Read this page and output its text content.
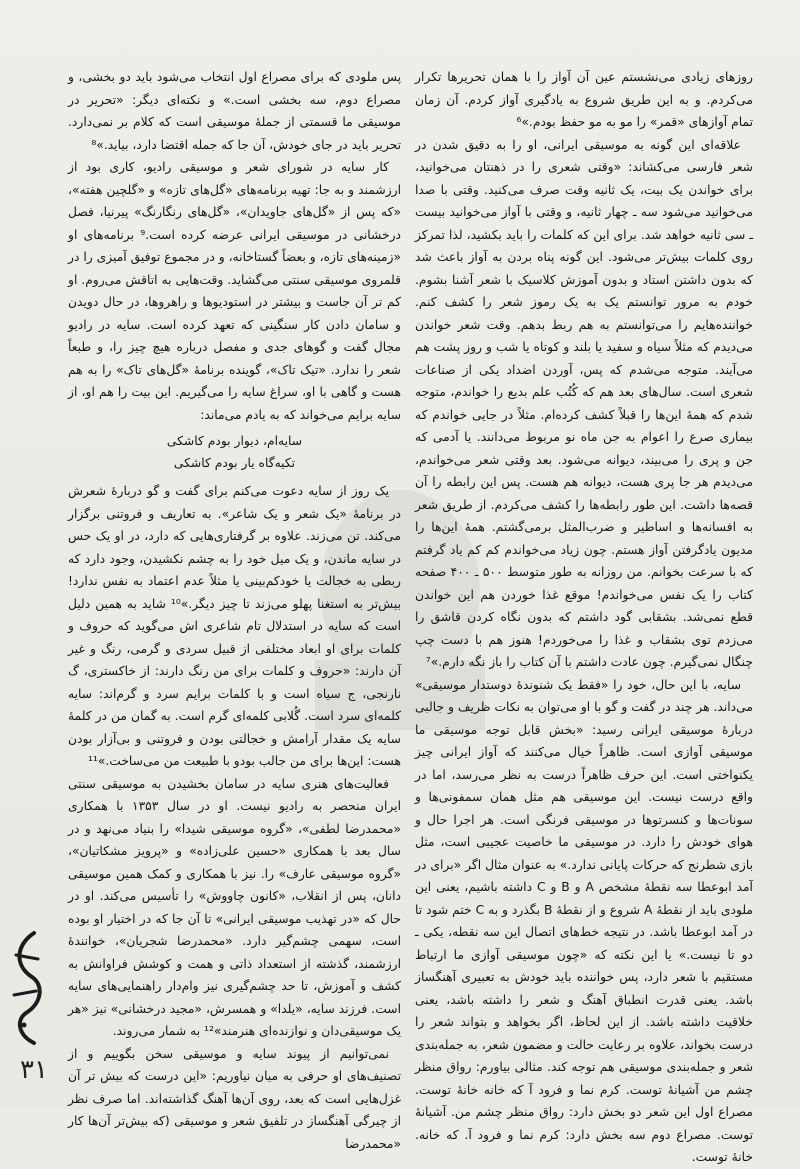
روزهای زیادی می‌نشستم عین آن آواز را با همان تحریرها تکرار می‌کردم. و به این طریق شروع به یادگیری آواز کردم. آن زمان تمام آوازهای «قمر» را مو به مو حفظ بودم.»⁶

علاقه‌ای این گونه به موسیقی ایرانی، او را به دقیق شدن در شعر فارسی می‌کشاند: «وقتی شعری را در ذهنتان می‌خوانید، برای خواندن یک بیت، یک ثانیه وقت صرف می‌کنید. وقتی با صدا می‌خوانید می‌شود سه ـ چهار ثانیه، و وقتی با آواز می‌خوانید بیست ـ سی ثانیه خواهد شد. برای این که کلمات را باید بکشید، لذا تمرکز روی کلمات بیش‌تر می‌شود. این گونه پناه بردن به آواز باعث شد که بدون داشتن استاد و بدون آموزش کلاسیک با شعر آشنا بشوم. خودم به مرور توانستم یک به یک رموز شعر را کشف کنم. خواننده‌هایم را می‌توانستم به هم ربط بدهم. وقت شعر خواندن می‌دیدم که مثلاً سیاه و سفید یا بلند و کوتاه یا شب و روز پشت هم می‌آیند. متوجه می‌شدم که پس، آوردن اضداد یکی از صناعات شعری است. سال‌های بعد هم که کُتُب علم بدیع را خواندم، متوجه شدم که همهٔ این‌ها را قبلاً کشف کرده‌ام. مثلاً در جایی خواندم که بیماری صرع را اعوام به جن ماه نو مربوط می‌دانند. یا آدمی که جن و پری را می‌بیند، دیوانه می‌شود. بعد وقتی شعر می‌خواندم، می‌دیدم هر جا پری هست، دیوانه هم هست. پس این رابطه را آن قصه‌ها داشت. این طور رابطه‌ها را کشف می‌کردم. از طریق شعر به افسانه‌ها و اساطیر و ضرب‌المثل برمی‌گشتم. همهٔ این‌ها را مدیون یادگرفتن آواز هستم. چون زیاد می‌خواندم کم کم یاد گرفتم که با سرعت بخوانم. من روزانه به طور متوسط ۵۰۰ ـ ۴۰۰ صفحه کتاب را یک نفس می‌خواندم! موقع غذا خوردن هم این خواندن قطع نمی‌شد. بشقابی گود داشتم که بدون نگاه کردن قاشق را می‌زدم توی بشقاب و غذا را می‌خوردم! هنوز هم با دست چپ چنگال نمی‌گیرم. چون عادت داشتم با آن کتاب را باز نگه دارم.»⁷

سایه، با این حال، خود را «فقط یک شنوندهٔ دوستدار موسیقی» می‌داند. هر چند در گفت و گو با او می‌توان به نکات ظریف و جالبی دربارهٔ موسیقی ایرانی رسید: «بخش قابل توجه موسیقی ما موسیقی آوازی است. ظاهراً خیال می‌کنند که آواز ایرانی چیز یکنواختی است. این حرف ظاهراً درست به نظر می‌رسد، اما در واقع درست نیست. این موسیقی هم مثل همان سمفونی‌ها و سونات‌ها و کنسرتوها در موسیقی فرنگی است. هر اجرا حال و هوای خودش را دارد. در موسیقی ما خاصیت عجیبی است، مثل بازی شطرنج که حرکات پایانی ندارد.» به عنوان مثال اگر «برای در آمد ابوعطا سه نقطهٔ مشخص A و B و C داشته باشیم، یعنی این ملودی باید از نقطهٔ A شروع و از نقطهٔ B بگذرد و به C ختم شود تا در آمد ابوعطا باشد. در نتیجه خط‌های اتصال این سه نقطه، یکی ـ دو تا نیست.» یا این نکته که «چون موسیقی آوازی ما ارتباط مستقیم با شعر دارد، پس خواننده باید خودش به تعبیری آهنگساز باشد. یعنی قدرت انطباق آهنگ و شعر را داشته باشد، یعنی خلاقیت داشته باشد. از این لحاظ، اگر بخواهد و بتواند شعر را درست بخواند، علاوه بر رعایت حالت و مضمون شعر، به جمله‌بندی شعر و جمله‌بندی موسیقی هم توجه کند. مثالی بیاورم: رواق منظر چشم من آشیانهٔ توست. کرم نما و فرود آ که خانه خانهٔ توست. مصراع اول این شعر دو بخش دارد: رواق منظر چشم من. آشیانهٔ توست. مصراع دوم سه بخش دارد: کرم نما و فرود آ. که خانه. خانهٔ توست.

پس ملودی که برای مصراع اول انتخاب می‌شود باید دو بخشی، و مصراع دوم، سه بخشی است.» و نکته‌ای دیگر: «تحریر در موسیقی ما قسمتی از جملهٔ موسیقی است که کلام بر نمی‌دارد. تحریر باید در جای خودش، آن جا که جمله اقتضا دارد، بیاید.»⁸

کار سایه در شورای شعر و موسیقی رادیو، کاری بود از ارزشمند و به جا: تهیه برنامه‌های «گل‌های تازه» و «گلچین هفته»، «که پس از «گل‌های جاویدان»، «گل‌های رنگارنگ» پیرنیا، فصل درخشانی در موسیقی ایرانی عرضه کرده است.⁹ برنامه‌های او «زمینه‌های تازه، و بعضاً گستاخانه، و در مجموع توفیق آمیزی را در قلمروی موسیقی سنتی می‌گشاید. وقت‌هایی به اتاقش می‌روم. او کم تر آن جاست و بیشتر در استودیوها و راهروها، در حال دویدن و سامان دادن کار سنگینی که تعهد کرده است. سایه در رادیو مجال گفت و گوهای جدی و مفصل درباره هیچ چیز را، و طبعاً شعر را ندارد. «تیک تاک»، گوینده برنامهٔ «گل‌های تاک» را به هم هست و گاهی با او، سراغ سایه را می‌گیریم. این بیت را هم او، از سایه برایم می‌خواند که به یادم می‌ماند:

سایه‌ام، دیوار بودم کاشکی
تکیه‌گاه یار بودم کاشکی

یک روز از سایه دعوت می‌کنم برای گفت و گو دربارهٔ شعرش در برنامهٔ «یک شعر و یک شاعر». به تعاریف و فروتنی برگزار می‌کند. تن می‌زند. علاوه بر گرفتاری‌هایی که دارد، در او یک حس در سایه ماندن، و یک میل خود را به چشم نکشیدن، وجود دارد که ربطی به خجالت یا خودکم‌بینی یا مثلاً عدم اعتماد به نفس ندارد! بیش‌تر به استغنا پهلو می‌زند تا چیز دیگر.»¹⁰ شاید به همین دلیل است که سایه در استدلال تام شاعری اش می‌گوید که حروف و کلمات برای او ابعاد مختلفی از قبیل سردی و گرمی، رنگ و غیر آن دارند: «حروف و کلمات برای من رنگ دارند: از خاکستری، گ نارنجی، ج سیاه است و با کلمات برایم سرد و گرم‌اند: سایه کلمه‌ای سرد است. گُلابی کلمه‌ای گرم است. به گمان من در کلمهٔ سایه یک مقدار آرامش و خجالتی بودن و فروتنی و بی‌آزار بودن هست: این‌ها برای من جالب بودو با طبیعت من می‌ساخت.»¹¹

فعالیت‌های هنری سایه در سامان بخشیدن به موسیقی سنتی ایران منحصر به رادیو نیست. او در سال ۱۳۵۳ با همکاری «محمدرضا لطفی»، «گروه موسیقی شیدا» را بنیاد می‌نهد و در سال بعد با همکاری «حسین علی‌زاده» و «پرویز مشکاتیان»، «گروه موسیقی عارف» را. نیز با همکاری و کمک همین موسیقی دانان، پس از انقلاب، «کانون چاووش» را تأسیس می‌کند. او در حال که «در تهذیب موسیقی ایرانی» تا آن جا که در اختیار او بوده است، سهمی چشم‌گیر دارد. «محمدرضا شجریان»، خوانندهٔ ارزشمند، گذشته از استعداد ذاتی و همت و کوشش فراوانش به کشف و آموزش، تا حد چشم‌گیری نیز وام‌دار راهنمایی‌های سایه است. فرزند سایه، «یلدا» و همسرش، «مجید درخشانی» نیز «هر یک موسیقی‌دان و نوازنده‌ای هنرمند»¹² به شمار می‌روند.

نمی‌توانیم از پیوند سایه و موسیقی سخن بگوییم و از تصنیف‌های او حرفی به میان نیاوریم: «این درست که بیش تر آن غزل‌هایی است که بعد، روی آن‌ها آهنگ گذاشته‌اند. اما صرف نظر از چیرگی آهنگساز در تلفیق شعر و موسیقی (که بیش‌تر آن‌ها کار «محمدرضا

۳۱
